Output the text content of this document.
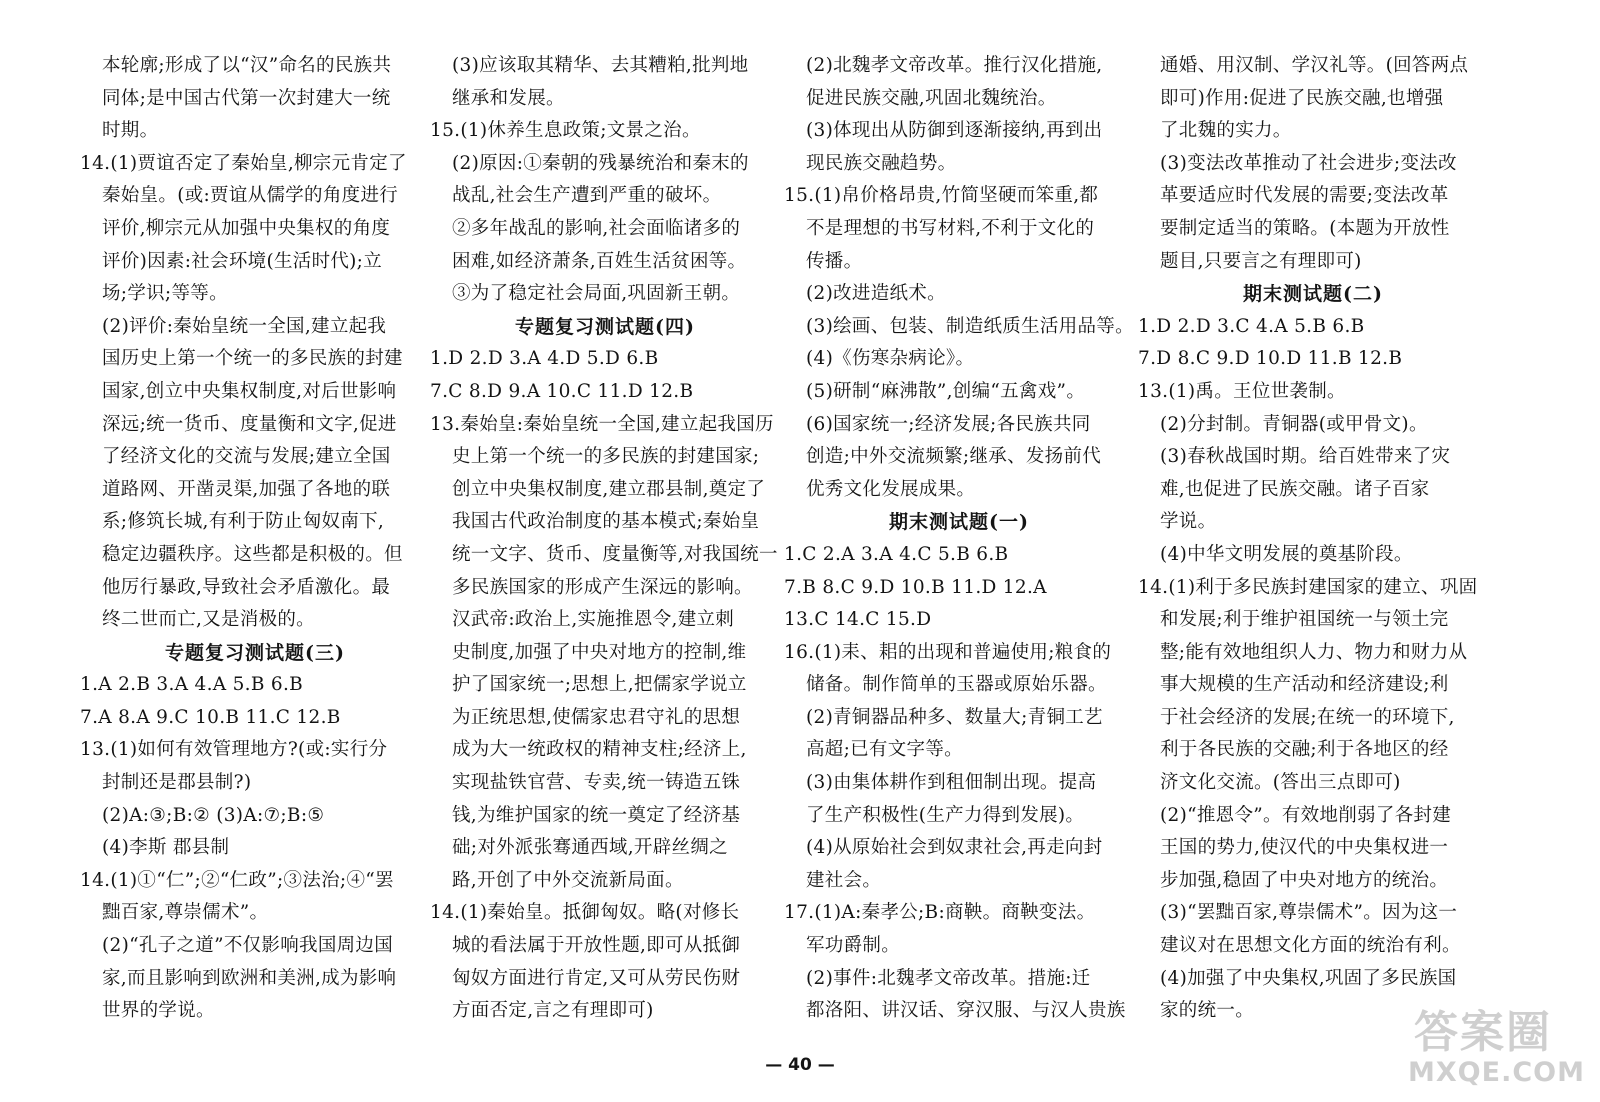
本轮廓;形成了以“汉”命名的民族共
同体;是中国古代第一次封建大一统
时期。
14.(1)贾谊否定了秦始皇,柳宗元肯定了
秦始皇。(或:贾谊从儒学的角度进行
评价,柳宗元从加强中央集权的角度
评价)因素:社会环境(生活时代);立
场;学识;等等。
(2)评价:秦始皇统一全国,建立起我
国历史上第一个统一的多民族的封建
国家,创立中央集权制度,对后世影响
深远;统一货币、度量衡和文字,促进
了经济文化的交流与发展;建立全国
道路网、开凿灵渠,加强了各地的联
系;修筑长城,有利于防止匈奴南下,
稳定边疆秩序。这些都是积极的。但
他厉行暴政,导致社会矛盾激化。最
终二世而亡,又是消极的。
专题复习测试题(三)
1.A 2.B 3.A 4.A 5.B 6.B
7.A 8.A 9.C 10.B 11.C 12.B
13.(1)如何有效管理地方?(或:实行分
封制还是郡县制?)
(2)A:③;B:② (3)A:⑦;B:⑤
(4)李斯 郡县制
14.(1)①“仁”;②“仁政”;③法治;④“罢
黜百家,尊崇儒术”。
(2)“孔子之道”不仅影响我国周边国
家,而且影响到欧洲和美洲,成为影响
世界的学说。
(3)应该取其精华、去其糟粕,批判地
继承和发展。
15.(1)休养生息政策;文景之治。
(2)原因:①秦朝的残暴统治和秦末的
战乱,社会生产遭到严重的破坏。
②多年战乱的影响,社会面临诸多的
困难,如经济萧条,百姓生活贫困等。
③为了稳定社会局面,巩固新王朝。
专题复习测试题(四)
1.D 2.D 3.A 4.D 5.D 6.B
7.C 8.D 9.A 10.C 11.D 12.B
13.秦始皇:秦始皇统一全国,建立起我国历
史上第一个统一的多民族的封建国家;
创立中央集权制度,建立郡县制,奠定了
我国古代政治制度的基本模式;秦始皇
统一文字、货币、度量衡等,对我国统一
多民族国家的形成产生深远的影响。
汉武帝:政治上,实施推恩令,建立刺
史制度,加强了中央对地方的控制,维
护了国家统一;思想上,把儒家学说立
为正统思想,使儒家忠君守礼的思想
成为大一统政权的精神支柱;经济上,
实现盐铁官营、专卖,统一铸造五铢
钱,为维护国家的统一奠定了经济基
础;对外派张骞通西域,开辟丝绸之
路,开创了中外交流新局面。
14.(1)秦始皇。抵御匈奴。略(对修长
城的看法属于开放性题,即可从抵御
匈奴方面进行肯定,又可从劳民伤财
方面否定,言之有理即可)
(2)北魏孝文帝改革。推行汉化措施,
促进民族交融,巩固北魏统治。
(3)体现出从防御到逐渐接纳,再到出
现民族交融趋势。
15.(1)帛价格昂贵,竹简坚硬而笨重,都
不是理想的书写材料,不利于文化的
传播。
(2)改进造纸术。
(3)绘画、包装、制造纸质生活用品等。
(4)《伤寒杂病论》。
(5)研制“麻沸散”,创编“五禽戏”。
(6)国家统一;经济发展;各民族共同
创造;中外交流频繁;继承、发扬前代
优秀文化发展成果。
期末测试题(一)
1.C 2.A 3.A 4.C 5.B 6.B
7.B 8.C 9.D 10.B 11.D 12.A
13.C 14.C 15.D
16.(1)耒、耜的出现和普遍使用;粮食的
储备。制作简单的玉器或原始乐器。
(2)青铜器品种多、数量大;青铜工艺
高超;已有文字等。
(3)由集体耕作到租佃制出现。提高
了生产积极性(生产力得到发展)。
(4)从原始社会到奴隶社会,再走向封
建社会。
17.(1)A:秦孝公;B:商鞅。商鞅变法。
军功爵制。
(2)事件:北魏孝文帝改革。措施:迁
都洛阳、讲汉话、穿汉服、与汉人贵族
通婚、用汉制、学汉礼等。(回答两点
即可)作用:促进了民族交融,也增强
了北魏的实力。
(3)变法改革推动了社会进步;变法改
革要适应时代发展的需要;变法改革
要制定适当的策略。(本题为开放性
题目,只要言之有理即可)
期末测试题(二)
1.D 2.D 3.C 4.A 5.B 6.B
7.D 8.C 9.D 10.D 11.B 12.B
13.(1)禹。王位世袭制。
(2)分封制。青铜器(或甲骨文)。
(3)春秋战国时期。给百姓带来了灾
难,也促进了民族交融。诸子百家
学说。
(4)中华文明发展的奠基阶段。
14.(1)利于多民族封建国家的建立、巩固
和发展;利于维护祖国统一与领土完
整;能有效地组织人力、物力和财力从
事大规模的生产活动和经济建设;利
于社会经济的发展;在统一的环境下,
利于各民族的交融;利于各地区的经
济文化交流。(答出三点即可)
(2)“推恩令”。有效地削弱了各封建
王国的势力,使汉代的中央集权进一
步加强,稳固了中央对地方的统治。
(3)“罢黜百家,尊崇儒术”。因为这一
建议对在思想文化方面的统治有利。
(4)加强了中央集权,巩固了多民族国
家的统一。
— 40 —
答案圈
MXQE.COM
